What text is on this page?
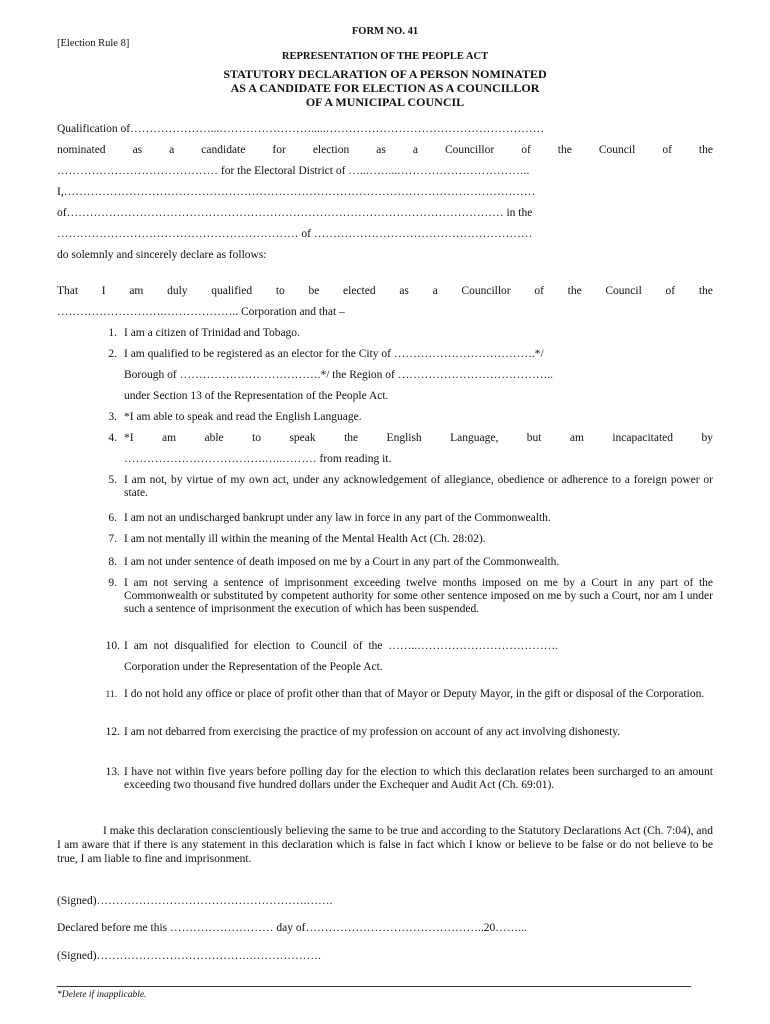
FORM NO. 41
[Election Rule 8]
REPRESENTATION OF THE PEOPLE ACT
STATUTORY DECLARATION OF A PERSON NOMINATED
AS A CANDIDATE FOR ELECTION AS A COUNCILLOR
OF A MUNICIPAL COUNCIL
Qualification of…………………...…………………….....…………………………………………………
nominated as a candidate for election as a Councillor of the Council of the
…………………………………… for the Electoral District of …..……...……………………………..
I,……………………………………………………………………………………………………………
of…………………………………………………………………………………………………… in the
……………………………………………………… of …………………………………………………
do solemnly and sincerely declare as follows:
That I am duly qualified to be elected as a Councillor of the Council of the
……………………….……………….. Corporation and that –
1. I am a citizen of Trinidad and Tobago.
2. I am qualified to be registered as an elector for the City of ……………………………….*/
Borough of ……………………………….*/ the Region of …………………………………..
under Section 13 of the Representation of the People Act.
3. *I am able to speak and read the English Language.
4. *I am able to speak the English Language, but am incapacitated by
……………………………….…..……… from reading it.
5. I am not, by virtue of my own act, under any acknowledgement of allegiance, obedience or adherence to a foreign power or state.
6. I am not an undischarged bankrupt under any law in force in any part of the Commonwealth.
7. I am not mentally ill within the meaning of the Mental Health Act (Ch. 28:02).
8. I am not under sentence of death imposed on me by a Court in any part of the Commonwealth.
9. I am not serving a sentence of imprisonment exceeding twelve months imposed on me by a Court in any part of the Commonwealth or substituted by competent authority for some other sentence imposed on me by such a Court, nor am I under such a sentence of imprisonment the execution of which has been suspended.
10. I am not disqualified for election to Council of the ……..……………………………….
Corporation under the Representation of the People Act.
11. I do not hold any office or place of profit other than that of Mayor or Deputy Mayor, in the gift or disposal of the Corporation.
12. I am not debarred from exercising the practice of my profession on account of any act involving dishonesty.
13. I have not within five years before polling day for the election to which this declaration relates been surcharged to an amount exceeding two thousand five hundred dollars under the Exchequer and Audit Act (Ch. 69:01).
I make this declaration conscientiously believing the same to be true and according to the Statutory Declarations Act (Ch. 7:04), and I am aware that if there is any statement in this declaration which is false in fact which I know or believe to be false or do not believe to be true, I am liable to fine and imprisonment.
(Signed)……………………………………………….…….
Declared before me this ……………………… day of………………………………………..20……...
(Signed)………………………………….……………….
*Delete if inapplicable.
